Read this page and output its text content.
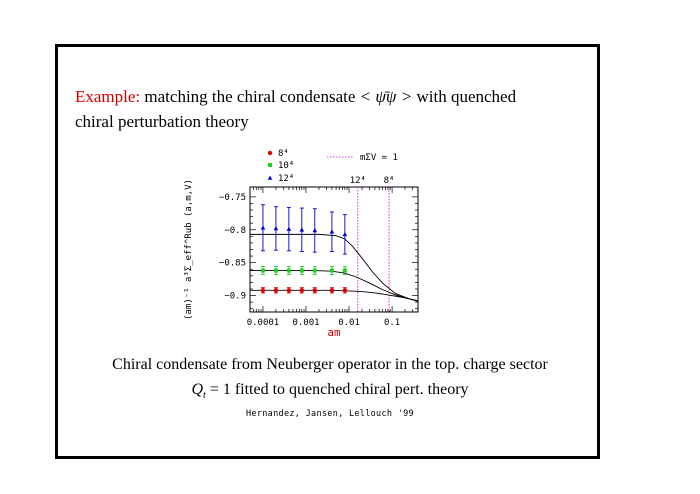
Example: matching the chiral condensate < ψ̄ψ > with quenched
chiral perturbation theory
0.0001 0.001 0.01	0.1
−0.75
−0.8
−0.85
−0.9
am
(am)⁻¹ a³Σ_eff^Rub (a,m,V)	12⁴ 8⁴
8⁴
10⁴
12⁴
mΣV = 1
Chiral condensate from Neuberger operator in the top. charge sector
$Q_t = 1$ fitted to quenched chiral pert. theory
Hernandez, Jansen, Lellouch '99
